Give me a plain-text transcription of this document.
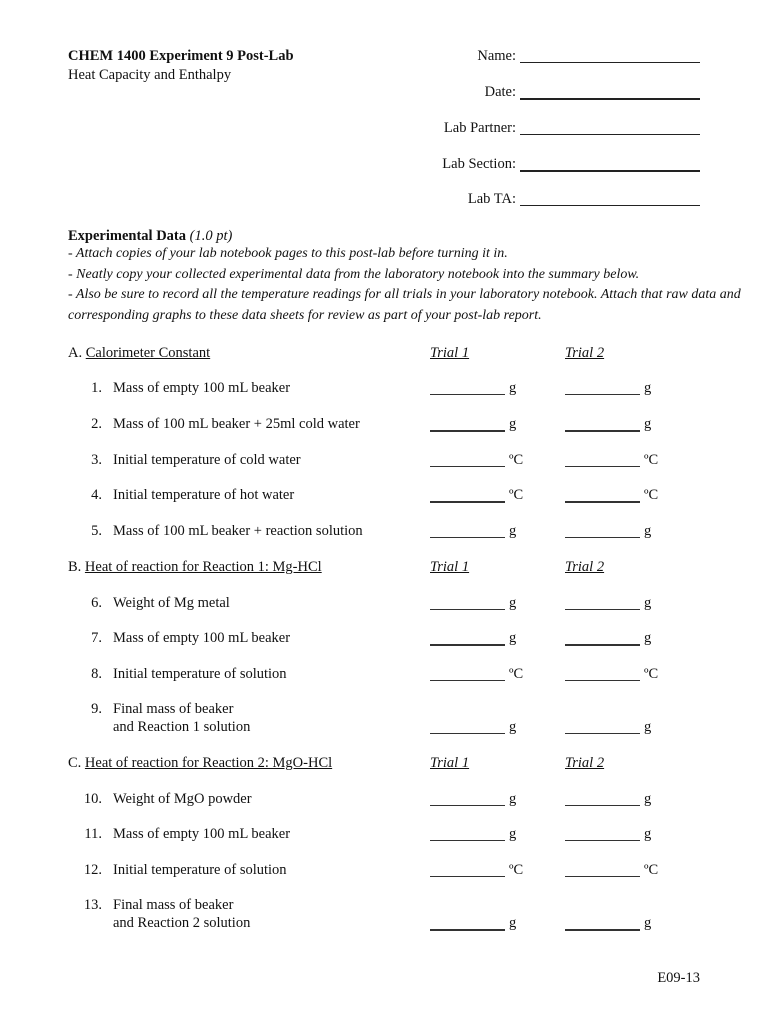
CHEM 1400 Experiment 9 Post-Lab
Heat Capacity and Enthalpy
Name:
Date:
Lab Partner:
Lab Section:
Lab TA:
Experimental Data (1.0 pt)
- Attach copies of your lab notebook pages to this post-lab before turning it in.
- Neatly copy your collected experimental data from the laboratory notebook into the summary below.
- Also be sure to record all the temperature readings for all trials in your laboratory notebook. Attach that raw data and corresponding graphs to these data sheets for review as part of your post-lab report.
A. Calorimeter Constant	Trial 1	Trial 2
1. Mass of empty 100 mL beaker	g	g
2. Mass of 100 mL beaker + 25ml cold water	g	g
3. Initial temperature of cold water	ºC	ºC
4. Initial temperature of hot water	ºC	ºC
5. Mass of 100 mL beaker + reaction solution	g	g
B. Heat of reaction for Reaction 1: Mg-HCl	Trial 1	Trial 2
6. Weight of Mg metal	g	g
7. Mass of empty 100 mL beaker	g	g
8. Initial temperature of solution	ºC	ºC
9. Final mass of beaker
and Reaction 1 solution	g	g
C. Heat of reaction for Reaction 2: MgO-HCl	Trial 1	Trial 2
10. Weight of MgO powder	g	g
11. Mass of empty 100 mL beaker	g	g
12. Initial temperature of solution	ºC	ºC
13. Final mass of beaker
and Reaction 2 solution	g	g
E09-13
